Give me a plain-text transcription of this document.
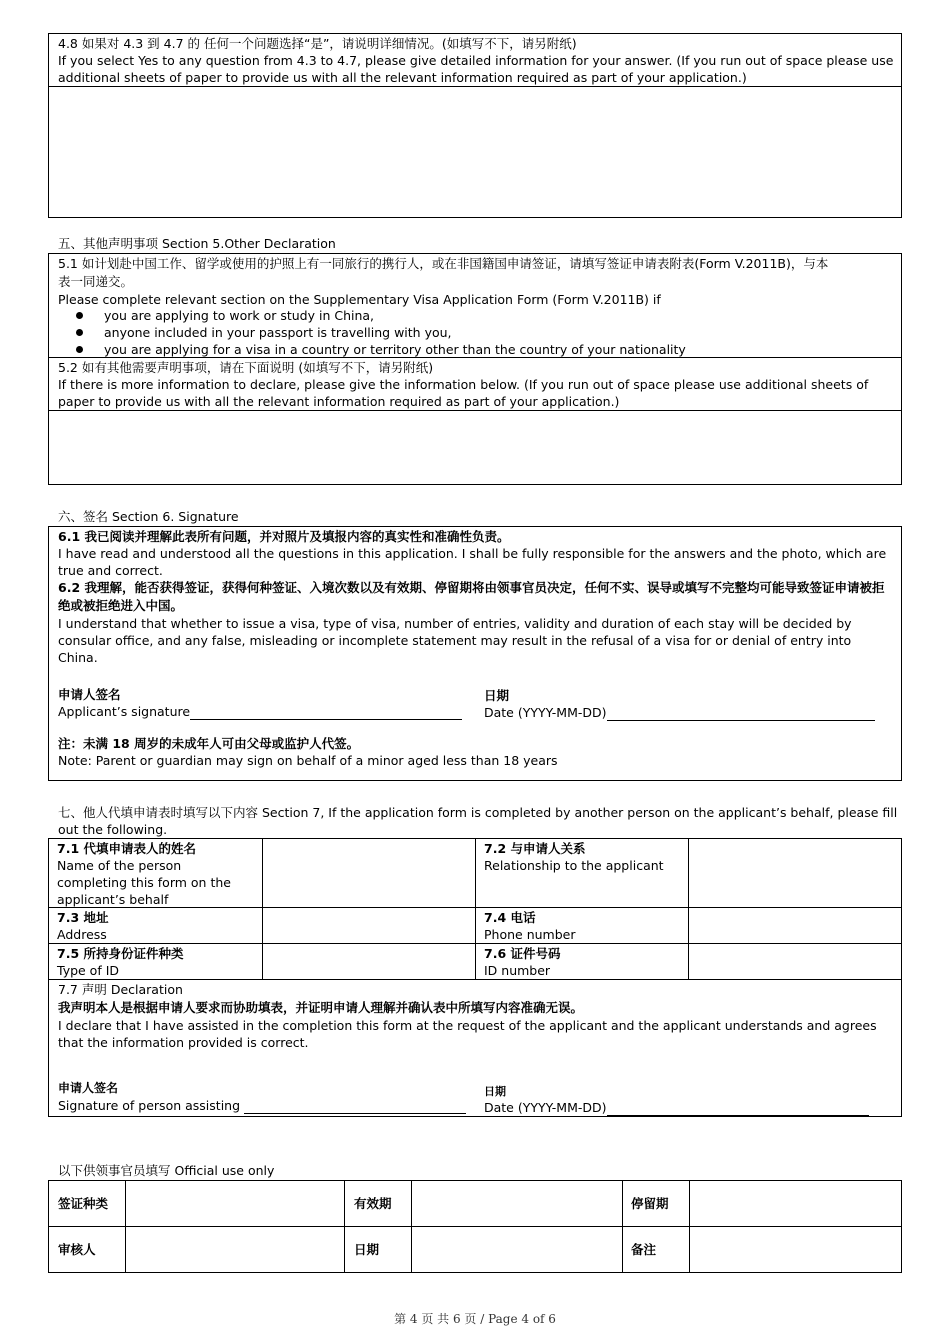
4.8 如果对 4.3 到 4.7 的 任何一个问题选择“是”，请说明详细情况。(如填写不下，请另附纸)
If you select Yes to any question from 4.3 to 4.7, please give detailed information for your answer. (If you run out of space please use additional sheets of paper to provide us with all the relevant information required as part of your application.)
五、其他声明事项 Section 5.Other Declaration
5.1 如计划赴中国工作、留学或使用的护照上有一同旅行的携行人，或在非国籍国申请签证，请填写签证申请表附表(Form V.2011B)，与本表一同递交。
Please complete relevant section on the Supplementary Visa Application Form (Form V.2011B) if
you are applying to work or study in China,
anyone included in your passport is travelling with you,
you are applying for a visa in a country or territory other than the country of your nationality
5.2 如有其他需要声明事项，请在下面说明 (如填写不下，请另附纸)
If there is more information to declare, please give the information below. (If you run out of space please use additional sheets of paper to provide us with all the relevant information required as part of your application.)
六、签名 Section 6. Signature
6.1 我已阅读并理解此表所有问题，并对照片及填报内容的真实性和准确性负责。
I have read and understood all the questions in this application. I shall be fully responsible for the answers and the photo, which are true and correct.
6.2 我理解，能否获得签证，获得何种签证、入境次数以及有效期、停留期将由领事官员决定，任何不实、误导或填写不完整均可能导致签证申请被拒绝或被拒绝进入中国。
I understand that whether to issue a visa, type of visa, number of entries, validity and duration of each stay will be decided by consular office, and any false, misleading or incomplete statement may result in the refusal of a visa for or denial of entry into China.
申请人签名
Applicant’s signature
日期
Date (YYYY-MM-DD)
注：未满 18 周岁的未成年人可由父母或监护人代签。
Note: Parent or guardian may sign on behalf of a minor aged less than 18 years
七、他人代填申请表时填写以下内容 Section 7, If the application form is completed by another person on the applicant’s behalf, please fill out the following.
7.1 代填申请表人的姓名
Name of the person completing this form on the applicant’s behalf
7.2 与申请人关系
Relationship to the applicant
7.3 地址
Address
7.4 电话
Phone number
7.5 所持身份证件种类
Type of ID
7.6 证件号码
ID number
7.7 声明 Declaration
我声明本人是根据申请人要求而协助填表，并证明申请人理解并确认表中所填写内容准确无误。
I declare that I have assisted in the completion this form at the request of the applicant and the applicant understands and agrees that the information provided is correct.
申请人签名
Signature of person assisting
日期
Date (YYYY-MM-DD)
以下供领事官员填写 Official use only
签证种类	有效期	停留期
审核人	日期	备注
第 4 页 共 6 页 / Page 4 of 6
